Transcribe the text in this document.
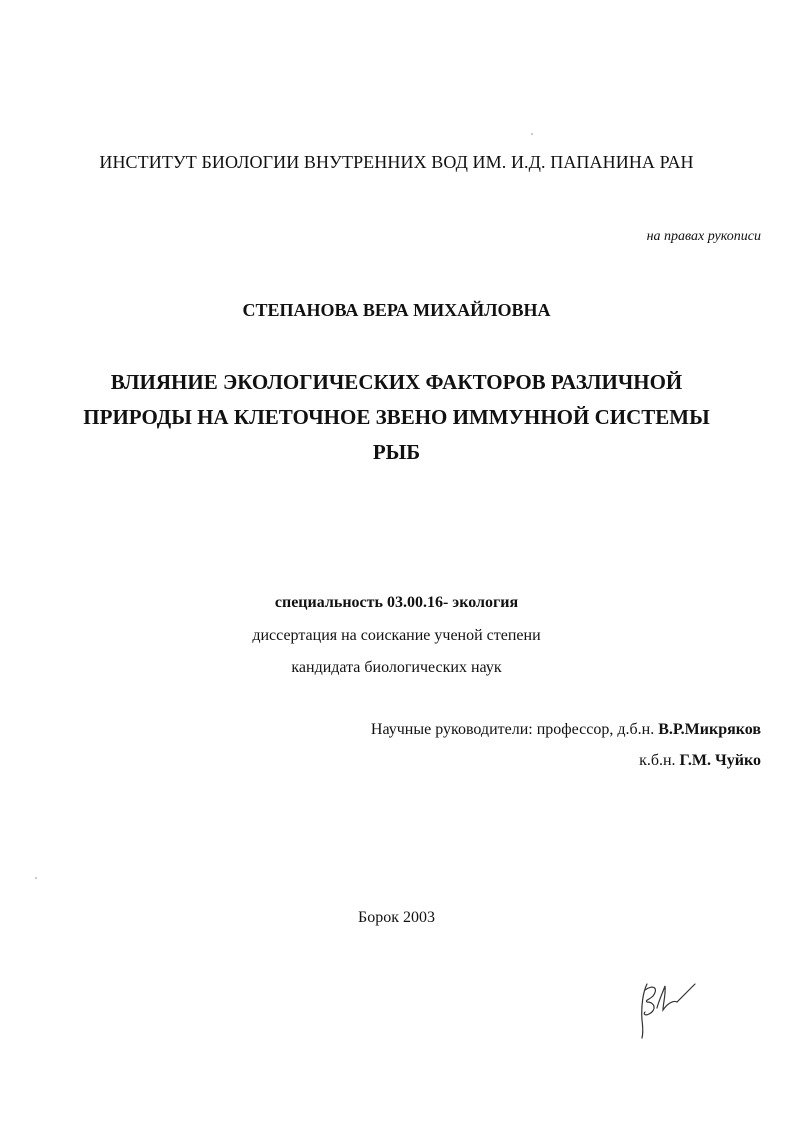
ИНСТИТУТ БИОЛОГИИ ВНУТРЕННИХ ВОД ИМ. И.Д. ПАПАНИНА РАН
на правах рукописи
СТЕПАНОВА ВЕРА МИХАЙЛОВНА
ВЛИЯНИЕ ЭКОЛОГИЧЕСКИХ ФАКТОРОВ РАЗЛИЧНОЙ
ПРИРОДЫ НА КЛЕТОЧНОЕ ЗВЕНО ИММУННОЙ СИСТЕМЫ
РЫБ
специальность 03.00.16- экология
диссертация на соискание ученой степени
кандидата биологических наук
Научные руководители: профессор, д.б.н. В.Р.Микряков
к.б.н. Г.М. Чуйко
Борок 2003
